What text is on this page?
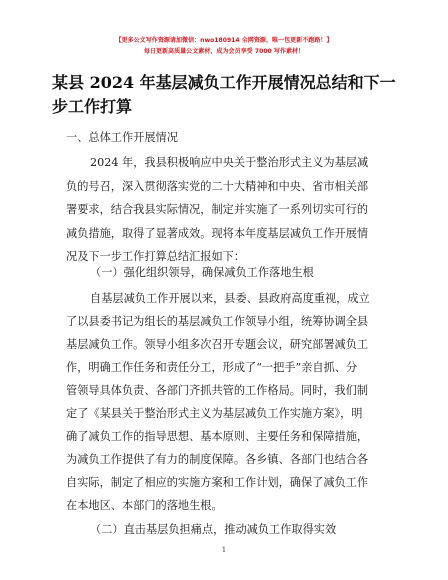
【更多公文写作资源请加微信：nwo180914 全网资源，唯一包更新不跑路！】
每日更新高质量公文素材，成为会员享受 7000 写作素材！
某县 2024 年基层减负工作开展情况总结和下一
步工作打算
一、总体工作开展情况
2024 年，我县积极响应中央关于整治形式主义为基层减
负的号召，深入贯彻落实党的二十大精神和中央、省市相关部
署要求，结合我县实际情况，制定并实施了一系列切实可行的
减负措施，取得了显著成效。现将本年度基层减负工作开展情
况及下一步工作打算总结汇报如下：
（一）强化组织领导，确保减负工作落地生根
自基层减负工作开展以来，县委、县政府高度重视，成立
了以县委书记为组长的基层减负工作领导小组，统筹协调全县
基层减负工作。领导小组多次召开专题会议，研究部署减负工
作，明确工作任务和责任分工，形成了“一把手”亲自抓、分
管领导具体负责、各部门齐抓共管的工作格局。同时，我们制
定了《某县关于整治形式主义为基层减负工作实施方案》，明
确了减负工作的指导思想、基本原则、主要任务和保障措施，
为减负工作提供了有力的制度保障。各乡镇、各部门也结合各
自实际，制定了相应的实施方案和工作计划，确保了减负工作
在本地区、本部门的落地生根。
（二）直击基层负担痛点，推动减负工作取得实效
1
